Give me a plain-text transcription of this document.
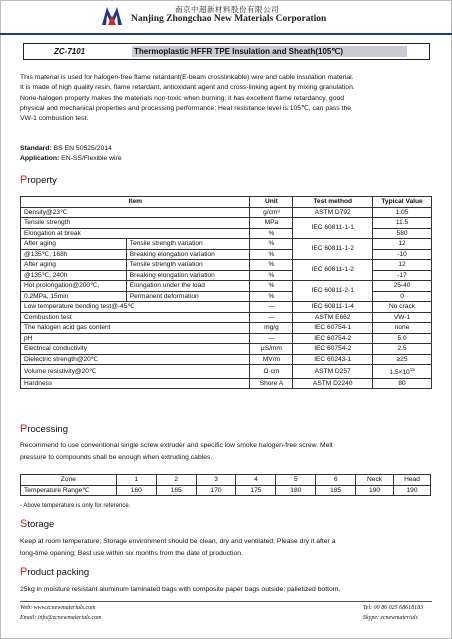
南京中超新材料股份有限公司
Nanjing Zhongchao New Materials Corporation
ZC-7101	Thermoplastic HFFR TPE Insulation and Sheath(105℃)
This material is used for halogen-free flame retardant(E-beam crosslinkable) wire and cable insulation material.
It is made of high quality resin, flame retardant, antioxidant agent and cross-linking agent by mixing granulation.
None-halogen property makes the materials non-toxic when burning; it has excellent flame retardancy, good
physical and mechanical properties and processing performance; Heat resistance level is 105℃, can pass the
VW-1 combustion test.
Standard: BS EN 50525/2014
Application: EN-SS/Flexible wire
Property
Item		Unit	Test method	Typical Value
Density@23℃		g/cm³	ASTM D792	1.05
Tensile strength		MPa	IEC 60811-1-1	11.5
Elongation at break		%		580
After aging	Tensile strength variation	%	IEC 60811-1-2	12
@135℃, 168h	Breaking elongation variation	%		-10
After aging	Tensile strength variation	%	IEC 60811-1-2	12
@135℃, 240h	Breaking elongation variation	%		-17
Hot prolongation@200℃,	Elongation under the load	%	IEC 60811-2-1	25-40
0.2MPa, 15min	Permanent deformation	%		0
Low temperature bending test@-45℃		—	IEC 60811-1-4	No crack
Combustion test		—	ASTM E662	VW-1
The halogen acid gas content		mg/g	IEC 60754-1	none
pH		—	IEC 60754-2	5.0
Electrical conductivity		μS/mm	IEC 60754-2	2.5
Dielectric strength@20℃		MV/m	IEC 60243-1	≥25
Volume resistivity@20℃		Ω·cm	ASTM D257	$1.5\times 10^{15}$
Hardness		Shore A	ASTM D2240	80
Processing
Recommend to use conventional single screw extruder and specific low smoke halogen-free screw. Melt
pressure to compounds shall be enough when extruding cables.
Zone	1	2	3	4	5	6	Neck	Head
Temperature Range℃	160	165	170	175	180	185	190	190
- Above temperature is only for reference.
Storage
Keep at room temperature; Storage environment should be clean, dry and ventilated; Please dry it after a
long-time opening; Best use within six months from the date of production.
Product packing
25kg in moisture resistant aluminum laminated bags with composite paper bags outside; palletized bottom.
Web: www.zcnewmaterials.com
Email: info@zcnewmaterials.com
Tel: 00 86 025 68618183
Skype: zcnewmaterials
